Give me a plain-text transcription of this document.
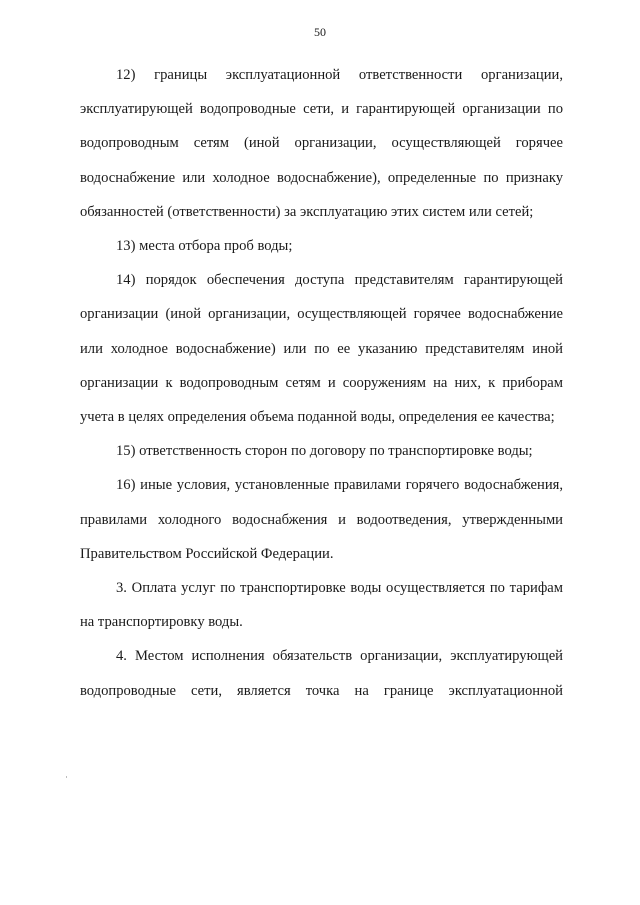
50

12) границы эксплуатационной ответственности организации, эксплуатирующей водопроводные сети, и гарантирующей организации по водопроводным сетям (иной организации, осуществляющей горячее водоснабжение или холодное водоснабжение), определенные по признаку обязанностей (ответственности) за эксплуатацию этих систем или сетей;

13) места отбора проб воды;

14) порядок обеспечения доступа представителям гарантирующей организации (иной организации, осуществляющей горячее водоснабжение или холодное водоснабжение) или по ее указанию представителям иной организации к водопроводным сетям и сооружениям на них, к приборам учета в целях определения объема поданной воды, определения ее качества;

15) ответственность сторон по договору по транспортировке воды;

16) иные условия, установленные правилами горячего водоснабжения, правилами холодного водоснабжения и водоотведения, утвержденными Правительством Российской Федерации.

3. Оплата услуг по транспортировке воды осуществляется по тарифам на транспортировку воды.

4. Местом исполнения обязательств организации, эксплуатирующей водопроводные сети, является точка на границе эксплуатационной
